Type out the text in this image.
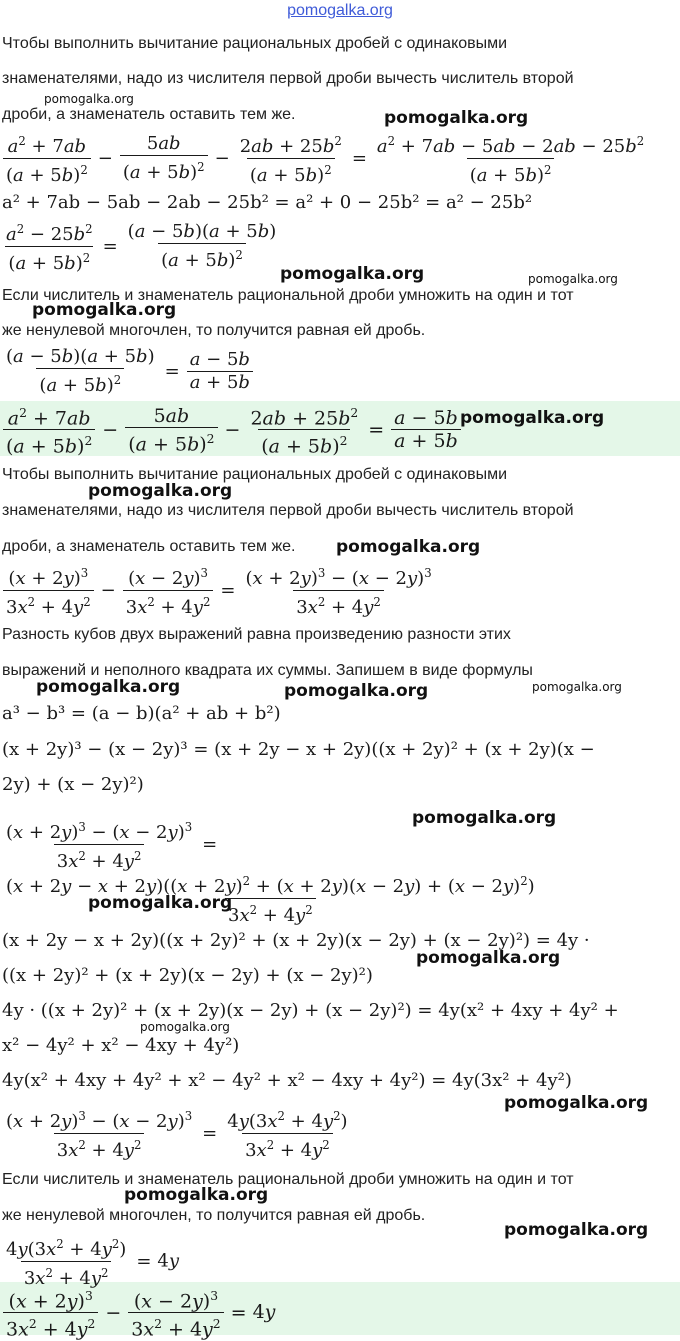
pomogalka.org
Чтобы выполнить вычитание рациональных дробей с одинаковыми
знаменателями, надо из числителя первой дроби вычесть числитель второй
дроби, а знаменатель оставить тем же.
$\frac{a^2 + 7ab}{(a + 5b)^2} - \frac{5ab}{(a + 5b)^2} - \frac{2ab + 25b^2}{(a + 5b)^2} = \frac{a^2 + 7ab - 5ab - 2ab - 25b^2}{(a + 5b)^2}$
a² + 7ab − 5ab − 2ab − 25b² = a² + 0 − 25b² = a² − 25b²
$\frac{a^2 - 25b^2}{(a + 5b)^2} = \frac{(a - 5b)(a + 5b)}{(a + 5b)^2}$
Если числитель и знаменатель рациональной дроби умножить на один и тот
же ненулевой многочлен, то получится равная ей дробь.
$\frac{(a - 5b)(a + 5b)}{(a + 5b)^2} = \frac{a - 5b}{a + 5b}$
$\frac{a^2 + 7ab}{(a + 5b)^2} - \frac{5ab}{(a + 5b)^2} - \frac{2ab + 25b^2}{(a + 5b)^2} = \frac{a - 5b}{a + 5b}$
Чтобы выполнить вычитание рациональных дробей с одинаковыми
знаменателями, надо из числителя первой дроби вычесть числитель второй
дроби, а знаменатель оставить тем же.
$\frac{(x + 2y)^3}{3x^2 + 4y^2} - \frac{(x - 2y)^3}{3x^2 + 4y^2} = \frac{(x + 2y)^3 - (x - 2y)^3}{3x^2 + 4y^2}$
Разность кубов двух выражений равна произведению разности этих
выражений и неполного квадрата их суммы. Запишем в виде формулы
a³ − b³ = (a − b)(a² + ab + b²)
(x + 2y)³ − (x − 2y)³ = (x + 2y − x + 2y)((x + 2y)² + (x + 2y)(x −
2y) + (x − 2y)²)
$\frac{(x + 2y)^3 - (x - 2y)^3}{3x^2 + 4y^2}$ =
$\frac{(x + 2y - x + 2y)((x + 2y)^2 + (x + 2y)(x - 2y) + (x - 2y)^2)}{3x^2 + 4y^2}$
(x + 2y − x + 2y)((x + 2y)² + (x + 2y)(x − 2y) + (x − 2y)²) = 4y ·
((x + 2y)² + (x + 2y)(x − 2y) + (x − 2y)²)
4y · ((x + 2y)² + (x + 2y)(x − 2y) + (x − 2y)²) = 4y(x² + 4xy + 4y² +
x² − 4y² + x² − 4xy + 4y²)
4y(x² + 4xy + 4y² + x² − 4y² + x² − 4xy + 4y²) = 4y(3x² + 4y²)
$\frac{(x + 2y)^3 - (x - 2y)^3}{3x^2 + 4y^2} = \frac{4y(3x^2 + 4y^2)}{3x^2 + 4y^2}$
Если числитель и знаменатель рациональной дроби умножить на один и тот
же ненулевой многочлен, то получится равная ей дробь.
$\frac{4y(3x^2 + 4y^2)}{3x^2 + 4y^2} = 4y$
$\frac{(x + 2y)^3}{3x^2 + 4y^2} - \frac{(x - 2y)^3}{3x^2 + 4y^2} = 4y$
pomogalka.org
pomogalka.org
pomogalka.org	pomogalka.org
pomogalka.org
pomogalka.org
pomogalka.org
pomogalka.org
pomogalka.org	pomogalka.org	pomogalka.org
pomogalka.org
pomogalka.org
pomogalka.org
pomogalka.org
pomogalka.org
pomogalka.org
pomogalka.org
